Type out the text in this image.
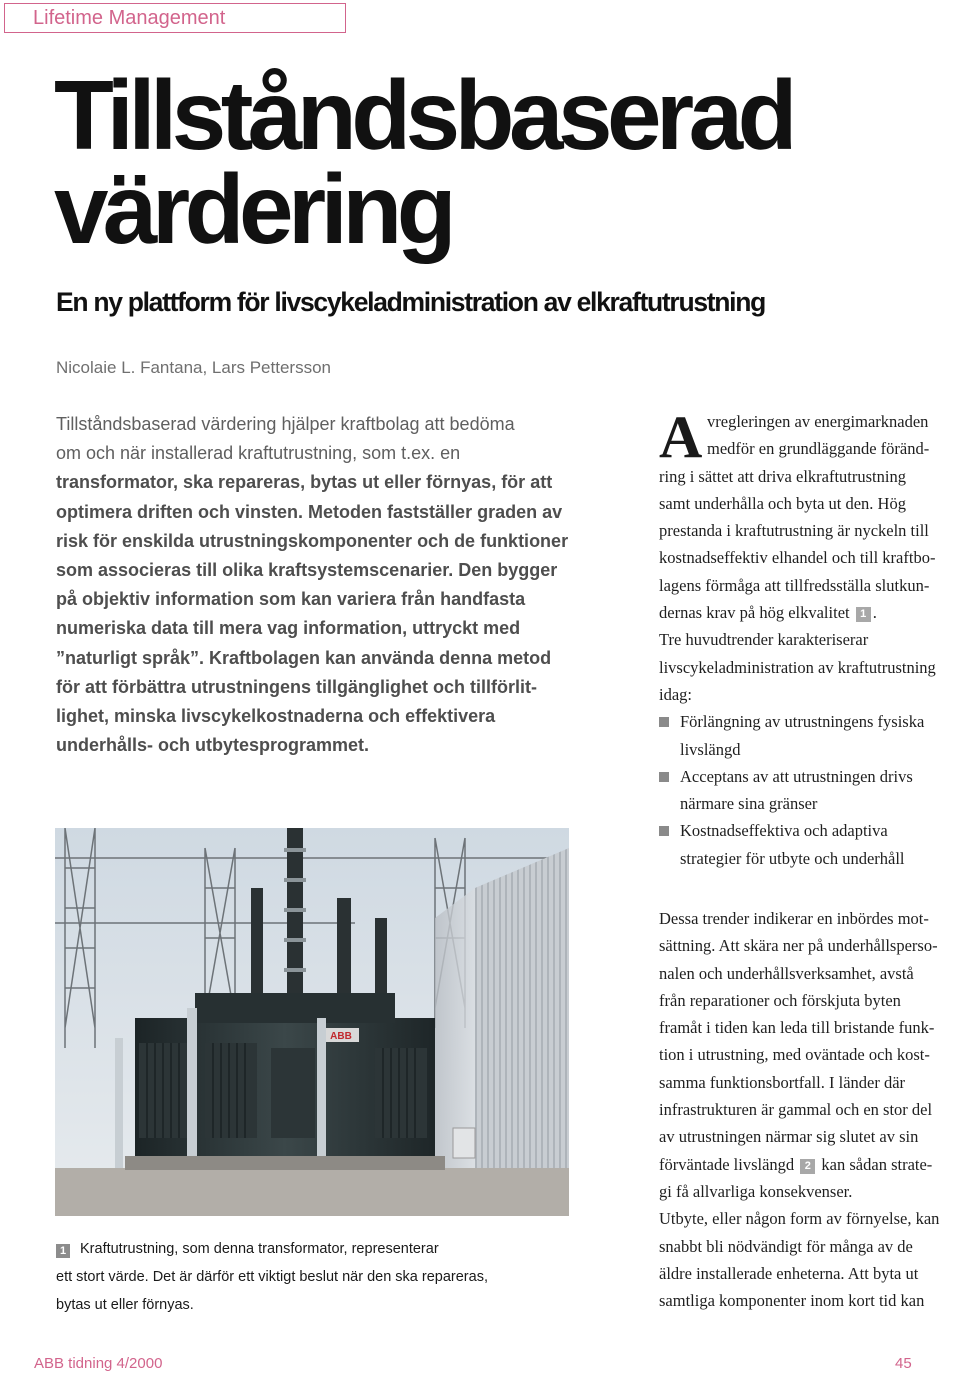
Lifetime Management
Tillståndsbaserad
värdering
En ny plattform för livscykeladministration av elkraftutrustning
Nicolaie L. Fantana, Lars Pettersson
Tillståndsbaserad värdering hjälper kraftbolag att bedöma
om och när installerad kraftutrustning, som t.ex. en
transformator, ska repareras, bytas ut eller förnyas, för att
optimera driften och vinsten. Metoden fastställer graden av
risk för enskilda utrustningskomponenter och de funktioner
som associeras till olika kraftsystemscenarier. Den bygger
på objektiv information som kan variera från handfasta
numeriska data till mera vag information, uttryckt med
”naturligt språk”. Kraftbolagen kan använda denna metod
för att förbättra utrustningens tillgänglighet och tillförlit-
lighet, minska livscykelkostnaderna och effektivera
underhålls- och utbytesprogrammet.
ABB
1 Kraftutrustning, som denna transformator, representerar
ett stort värde. Det är därför ett viktigt beslut när den ska repareras,
bytas ut eller förnyas.
A vregleringen av energimarknaden
medför en grundläggande föränd-
ring i sättet att driva elkraftutrustning
samt underhålla och byta ut den. Hög
prestanda i kraftutrustning är nyckeln till
kostnadseffektiv elhandel och till kraftbo-
lagens förmåga att tillfredsställa slutkun-
dernas krav på hög elkvalitet 1 .
Tre huvudtrender karakteriserar
livscykeladministration av kraftutrustning
idag:
Förlängning av utrustningens fysiska
livslängd
Acceptans av att utrustningen drivs
närmare sina gränser
Kostnadseffektiva och adaptiva
strategier för utbyte och underhåll
Dessa trender indikerar en inbördes mot-
sättning. Att skära ner på underhållsperso-
nalen och underhållsverksamhet, avstå
från reparationer och förskjuta byten
framåt i tiden kan leda till bristande funk-
tion i utrustning, med oväntade och kost-
samma funktionsbortfall. I länder där
infrastrukturen är gammal och en stor del
av utrustningen närmar sig slutet av sin
förväntade livslängd 2 kan sådan strate-
gi få allvarliga konsekvenser.
Utbyte, eller någon form av förnyelse, kan
snabbt bli nödvändigt för många av de
äldre installerade enheterna. Att byta ut
samtliga komponenter inom kort tid kan
ABB tidning 4/2000	45
